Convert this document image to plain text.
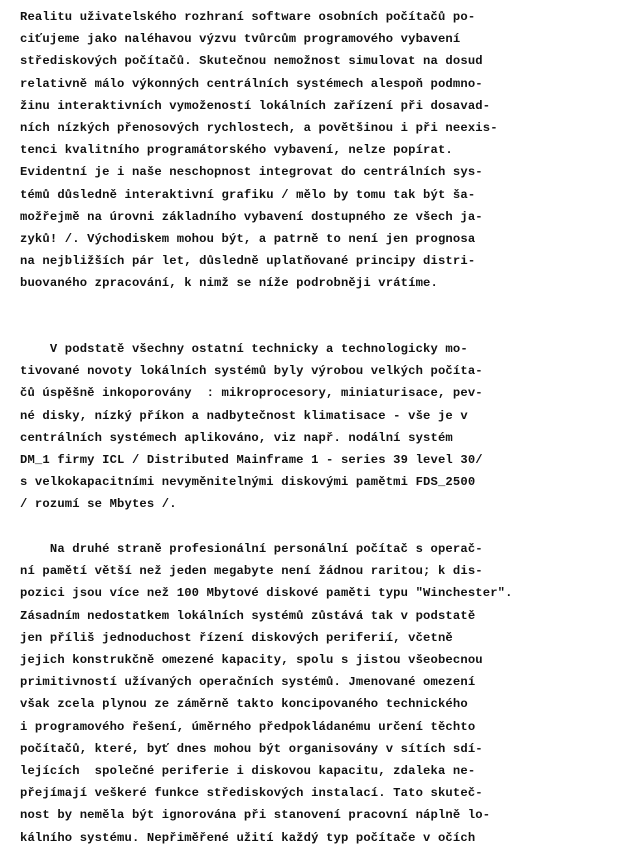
Realitu uživatelského rozhraní software osobních počítačů po-
ciťujeme jako naléhavou výzvu tvůrcům programového vybavení
střediskových počítačů. Skutečnou nemožnost simulovat na dosud
relativně málo výkonných centrálních systémech alespoň podmno-
žinu interaktivních vymožeností lokálních zařízení při dosavad-
ních nízkých přenosových rychlostech, a povětšinou i při neexis-
tenci kvalitního programátorského vybavení, nelze popírat.
Evidentní je i naše neschopnost integrovat do centrálních sys-
témů důsledně interaktivní grafiku / mělo by tomu tak být ša-
možřejmě na úrovni základního vybavení dostupného ze všech ja-
zyků! /. Východiskem mohou být, a patrně to není jen prognosa
na nejbližších pár let, důsledně uplatňované principy distri-
buovaného zpracování, k nimž se níže podrobněji vrátíme.
V podstatě všechny ostatní technicky a technologicky mo-
tivované novoty lokálních systémů byly výrobou velkých počíta-
čů úspěšně inkoporovány  : mikroprocesory, miniaturisace, pev-
né disky, nízký příkon a nadbytečnost klimatisace - vše je v
centrálních systémech aplikováno, viz např. nodální systém
DM_1 firmy ICL / Distributed Mainframe 1 - series 39 level 30/
s velkokapacitními nevyměnitelnými diskovými pamětmi FDS_2500
/ rozumí se Mbytes /.
Na druhé straně profesionální personální počítač s operač-
ní pamětí větší než jeden megabyte není žádnou raritou; k dis-
pozici jsou více než 100 Mbytové diskové paměti typu "Winchester".
Zásadním nedostatkem lokálních systémů zůstává tak v podstatě
jen příliš jednoduchost řízení diskových periferií, včetně
jejich konstrukčně omezené kapacity, spolu s jistou všeobecnou
primitivností užívaných operačních systémů. Jmenované omezení
však zcela plynou ze záměrně takto koncipovaného technického
i programového řešení, úměrného předpokládanému určení těchto
počítačů, které, byť dnes mohou být organisovány v sítích sdí-
lejících  společné periferie i diskovou kapacitu, zdaleka ne-
přejímají veškeré funkce střediskových instalací. Tato skuteč-
nost by neměla být ignorována při stanovení pracovní náplně lo-
kálního systému. Nepřiměřené užití každý typ počítače v očích
